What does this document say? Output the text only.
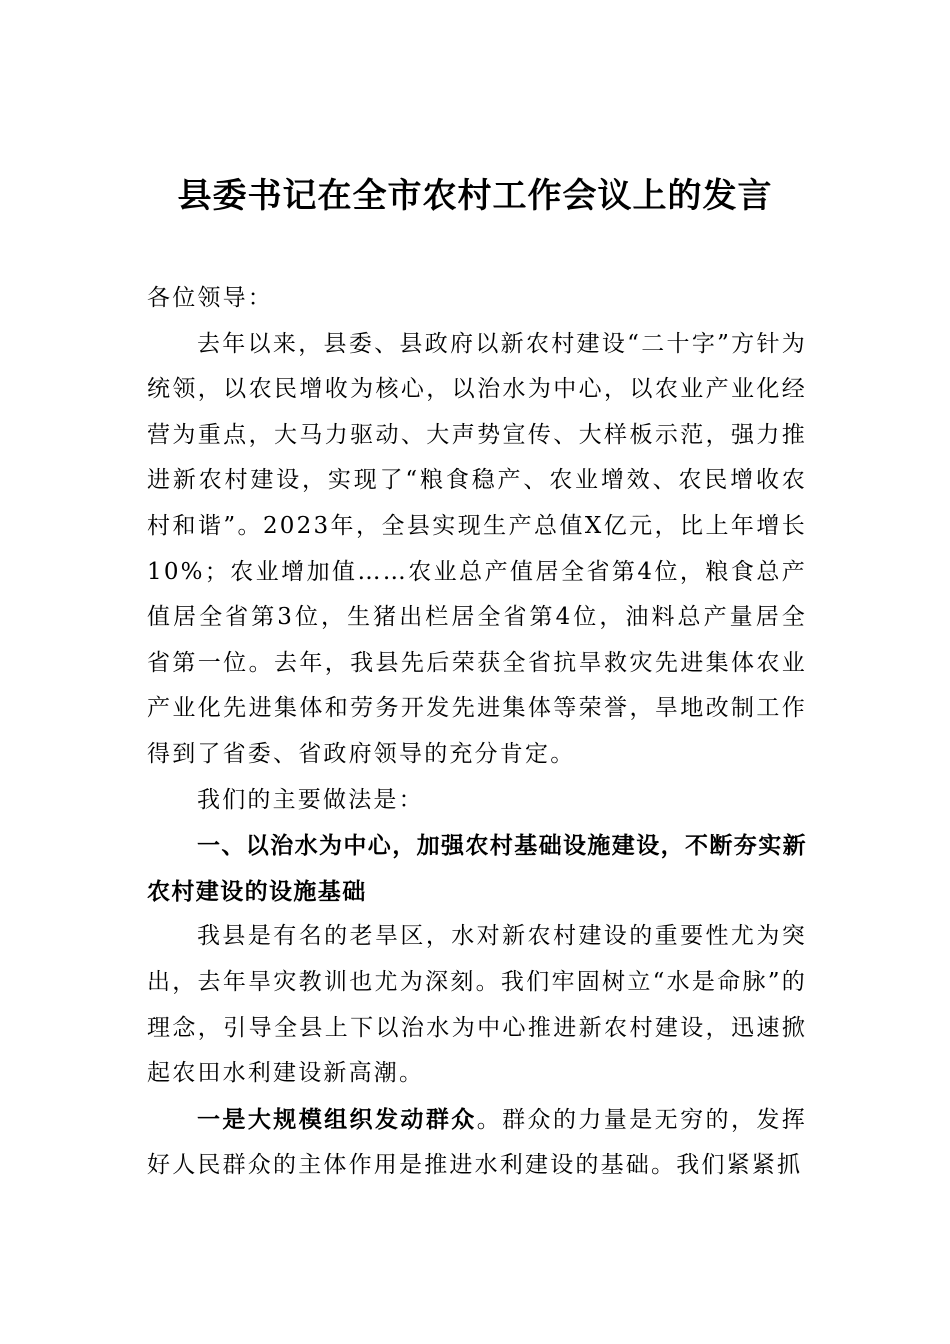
县委书记在全市农村工作会议上的发言

各位领导：

去年以来，县委、县政府以新农村建设“二十字”方针为统领，以农民增收为核心，以治水为中心，以农业产业化经营为重点，大马力驱动、大声势宣传、大样板示范，强力推进新农村建设，实现了“粮食稳产、农业增效、农民增收农村和谐”。2023年，全县实现生产总值X亿元，比上年增长10%；农业增加值……农业总产值居全省第4位，粮食总产值居全省第3位，生猪出栏居全省第4位，油料总产量居全省第一位。去年，我县先后荣获全省抗旱救灾先进集体农业产业化先进集体和劳务开发先进集体等荣誉，旱地改制工作得到了省委、省政府领导的充分肯定。

我们的主要做法是：

一、以治水为中心，加强农村基础设施建设，不断夯实新农村建设的设施基础

我县是有名的老旱区，水对新农村建设的重要性尤为突出，去年旱灾教训也尤为深刻。我们牢固树立“水是命脉”的理念，引导全县上下以治水为中心推进新农村建设，迅速掀起农田水利建设新高潮。

一是大规模组织发动群众。群众的力量是无穷的，发挥好人民群众的主体作用是推进水利建设的基础。我们紧紧抓
